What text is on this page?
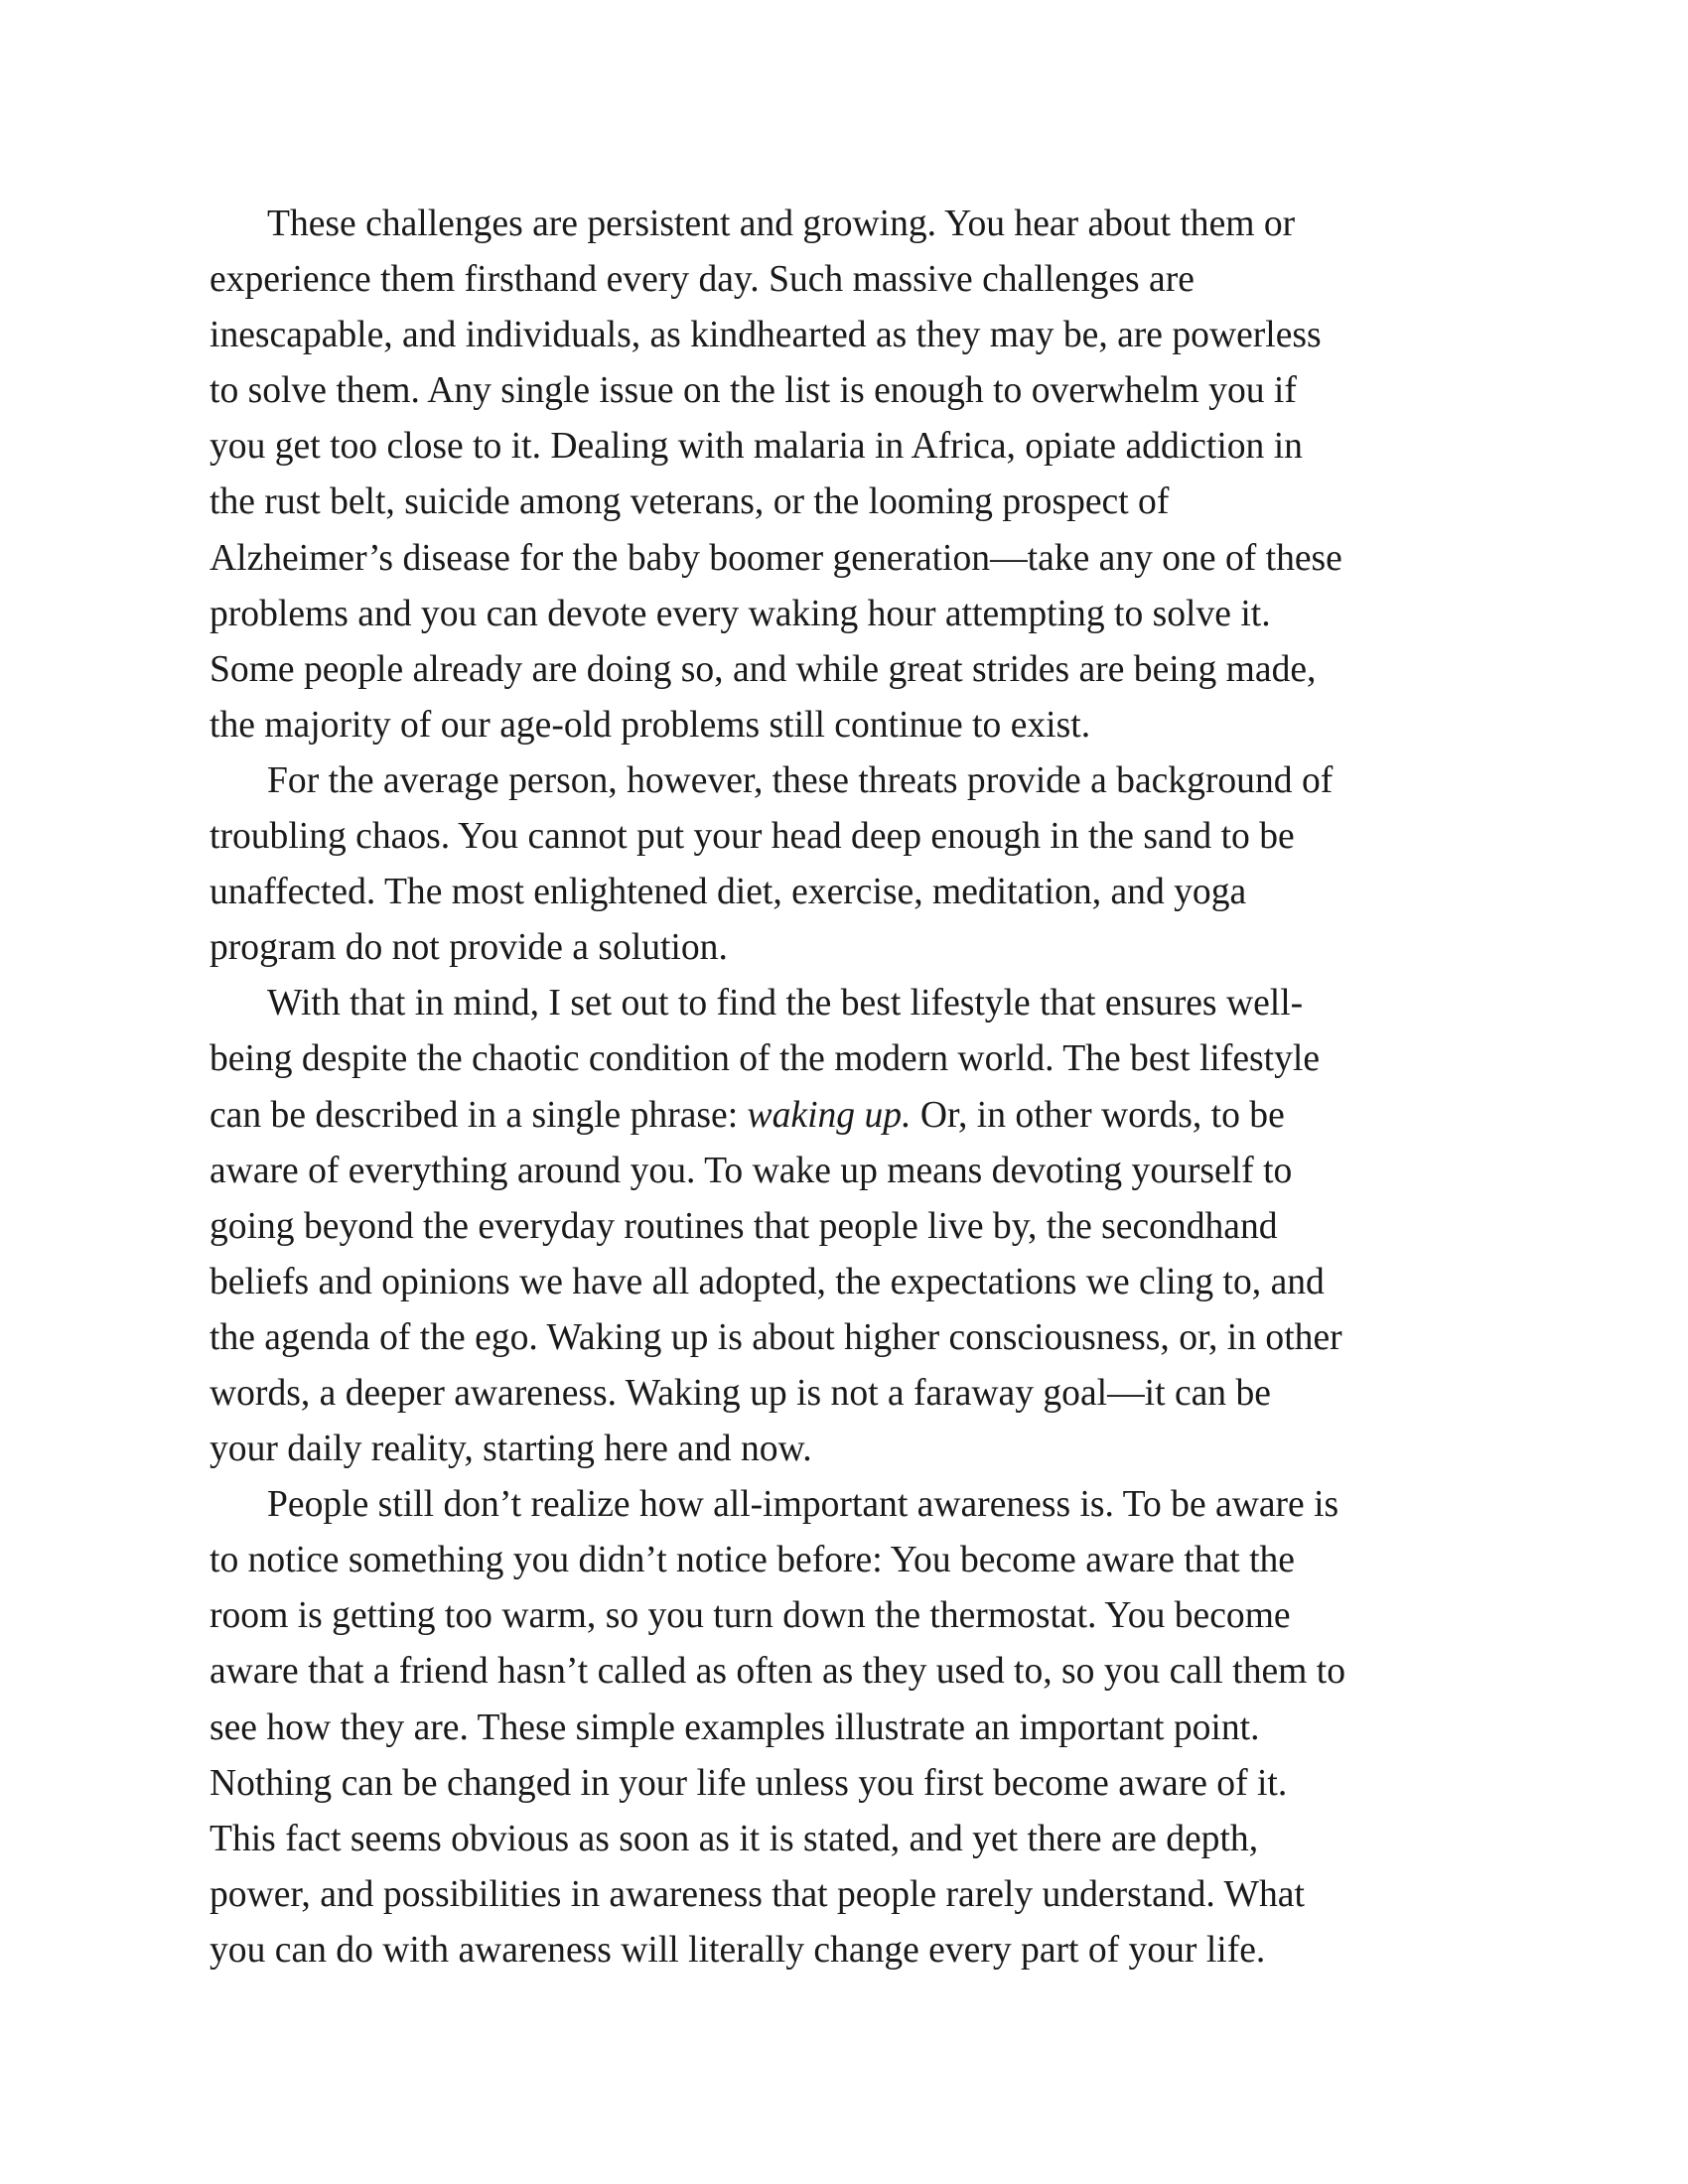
These challenges are persistent and growing. You hear about them or
experience them firsthand every day. Such massive challenges are
inescapable, and individuals, as kindhearted as they may be, are powerless
to solve them. Any single issue on the list is enough to overwhelm you if
you get too close to it. Dealing with malaria in Africa, opiate addiction in
the rust belt, suicide among veterans, or the looming prospect of
Alzheimer’s disease for the baby boomer generation—take any one of these
problems and you can devote every waking hour attempting to solve it.
Some people already are doing so, and while great strides are being made,
the majority of our age-old problems still continue to exist.
For the average person, however, these threats provide a background of
troubling chaos. You cannot put your head deep enough in the sand to be
unaffected. The most enlightened diet, exercise, meditation, and yoga
program do not provide a solution.
With that in mind, I set out to find the best lifestyle that ensures well-
being despite the chaotic condition of the modern world. The best lifestyle
can be described in a single phrase: waking up. Or, in other words, to be
aware of everything around you. To wake up means devoting yourself to
going beyond the everyday routines that people live by, the secondhand
beliefs and opinions we have all adopted, the expectations we cling to, and
the agenda of the ego. Waking up is about higher consciousness, or, in other
words, a deeper awareness. Waking up is not a faraway goal—it can be
your daily reality, starting here and now.
People still don’t realize how all-important awareness is. To be aware is
to notice something you didn’t notice before: You become aware that the
room is getting too warm, so you turn down the thermostat. You become
aware that a friend hasn’t called as often as they used to, so you call them to
see how they are. These simple examples illustrate an important point.
Nothing can be changed in your life unless you first become aware of it.
This fact seems obvious as soon as it is stated, and yet there are depth,
power, and possibilities in awareness that people rarely understand. What
you can do with awareness will literally change every part of your life.
